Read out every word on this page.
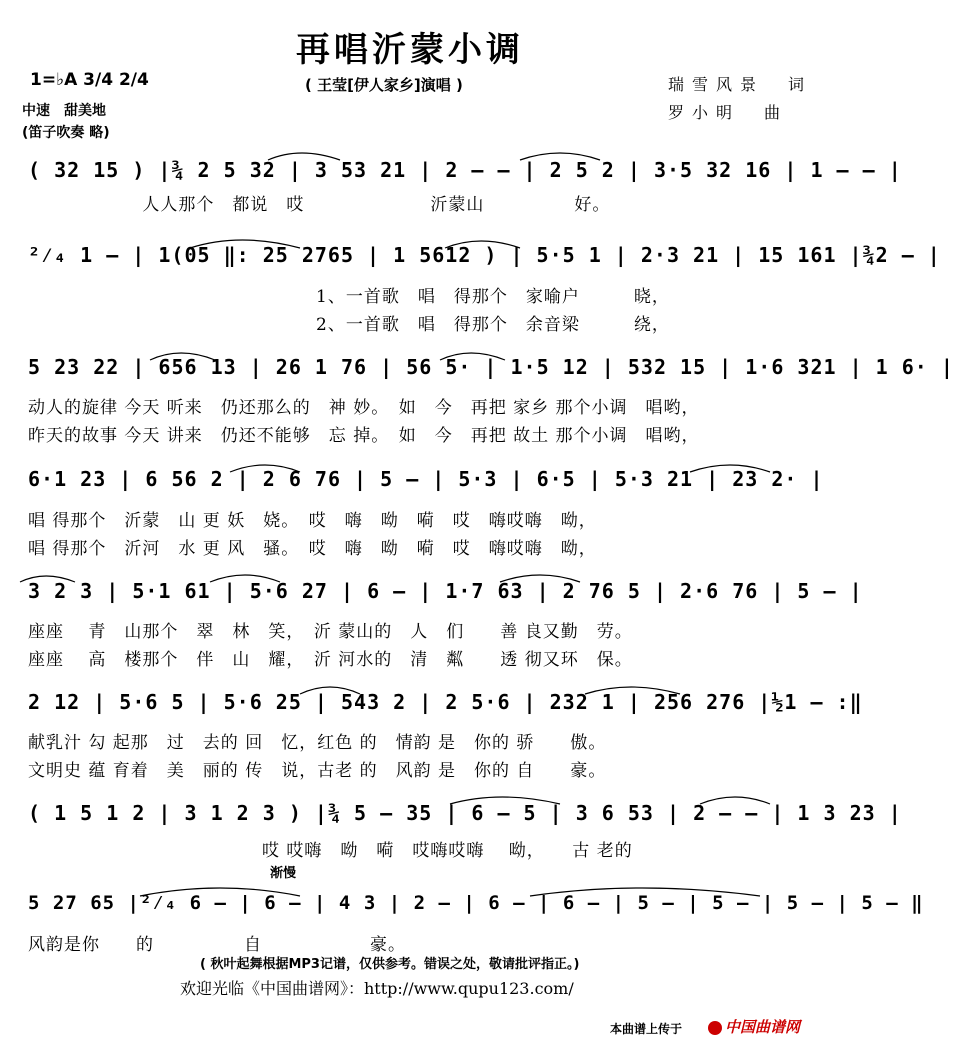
再唱沂蒙小调
1=♭A 3/4 2/4	( 王莹[伊人家乡]演唱 )	瑞雪风景　词
中速　甜美地	罗小明　曲
(笛子吹奏 略)
( 32 15 ) |¾ 2 5 32 | 3 53 21 | 2 – – | 2 5 2 | 3·5 32 16 | 1 – – |
　　　　　　 人人那个　都说　哎　　　　　　　沂蒙山　　　　　好。
²⁄₄ 1 – | 1(05 ‖: 25 2765 | 1 5612 ) | 5·5 1 | 2·3 21 | 15 161 |¾2 – |
　　　　　　　　　　　　　　　　1、一首歌　唱　得那个　家喻户　　　晓，
　　　　　　　　　　　　　　　　2、一首歌　唱　得那个　余音梁　　　绕，
5 23 22 | 656 13 | 26 1 76 | 56 5· | 1·5 12 | 532 15 | 1·6 321 | 1 6· |
动人的旋律 今天 听来　仍还那么的　神 妙。　如　今　再把 家乡 那个小调　唱哟，
昨天的故事 今天 讲来　仍还不能够　忘 掉。　如　今　再把 故土 那个小调　唱哟，
6·1 23 | 6 56 2 | 2 6 76 | 5 – | 5·3 | 6·5 | 5·3 21 | 23 2· |
唱 得那个　沂蒙　山 更 妖　娆。　哎　嗨　呦　嗬　哎　嗨哎嗨　呦，
唱 得那个　沂河　水 更 风　骚。　哎　嗨　呦　嗬　哎　嗨哎嗨　呦，
3 2 3 | 5·1 61 | 5·6 27 | 6 – | 1·7 63 | 2 76 5 | 2·6 76 | 5 – |
座座　 青　山那个　翠　林　笑，　沂 蒙山的　人　们　　善 良又勤　劳。
座座　 高　楼那个　伴　山　耀，　沂 河水的　清　粼　　透 彻又环　保。
2 12 | 5·6 5 | 5·6 25 | 543 2 | 2 5·6 | 232 1 | 256 276 |½1 – :‖
献乳汁 勾 起那　过　去的 回　忆，红色 的　情韵 是　你的 骄　　傲。
文明史 蕴 育着　美　丽的 传　说，古老 的　风韵 是　你的 自　　豪。
( 1 5 1 2 | 3 1 2 3 ) |¾ 5 – 35 | 6 – 5 | 3 6 53 | 2 – – | 1 3 23 |
　　　　　　　　　　　　　哎 哎嗨　呦　嗬　哎嗨哎嗨　 呦，　　古 老的
渐慢
5 27 65 |²⁄₄ 6 – | 6 – | 4 3 | 2 – | 6 – | 6 – | 5 – | 5 – | 5 – | 5 – ‖
风韵是你　　的　　　　　自　　　　　　豪。
( 秋叶起舞根据MP3记谱，仅供参考。错误之处，敬请批评指正。)
欢迎光临《中国曲谱网》：http://www.qupu123.com/
本曲谱上传于	中国曲谱网
